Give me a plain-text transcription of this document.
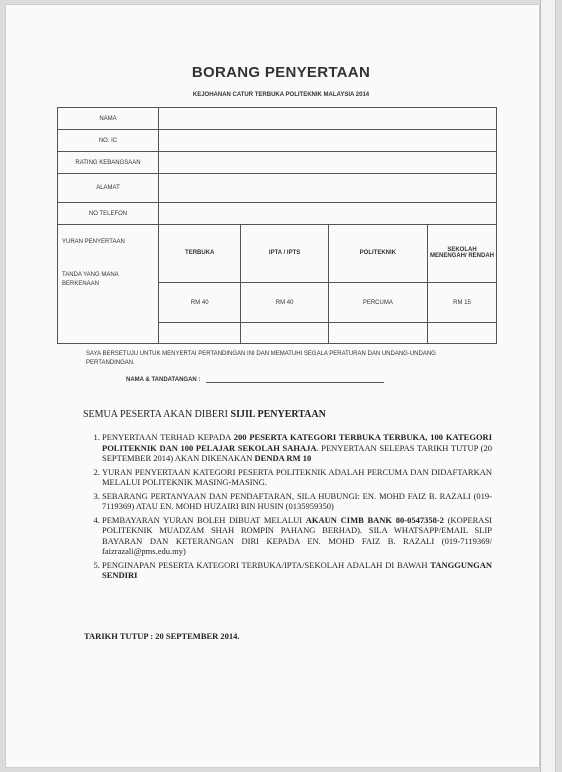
BORANG PENYERTAAN
KEJOHANAN CATUR TERBUKA POLITEKNIK MALAYSIA 2014
NAMA	
NO. IC	
RATING KEBANGSAAN	
ALAMAT	
NO TELEFON	
YURAN PENYERTAAN
TANDA YANG MANA BERKENAAN	TERBUKA	IPTA / IPTS	POLITEKNIK	SEKOLAH MENENGAH/ RENDAH
	RM 40	RM 40	PERCUMA	RM 15

SAYA BERSETUJU UNTUK MENYERTAI PERTANDINGAN INI DAN MEMATUHI SEGALA PERATURAN DAN UNDANG-UNDANG PERTANDINGAN.
NAMA & TANDATANGAN :
SEMUA PESERTA AKAN DIBERI SIJIL PENYERTAAN
1. PENYERTAAN TERHAD KEPADA 200 PESERTA KATEGORI TERBUKA TERBUKA, 100 KATEGORI POLITEKNIK DAN 100 PELAJAR SEKOLAH SAHAJA. PENYERTAAN SELEPAS TARIKH TUTUP (20 SEPTEMBER 2014) AKAN DIKENAKAN DENDA RM 10
2. YURAN PENYERTAAN KATEGORI PESERTA POLITEKNIK ADALAH PERCUMA DAN DIDAFTARKAN MELALUI POLITEKNIK MASING-MASING.
3. SEBARANG PERTANYAAN DAN PENDAFTARAN, SILA HUBUNGI: EN. MOHD FAIZ B. RAZALI (019-7119369) ATAU EN. MOHD HUZAIRI BIN HUSIN (0135959350)
4. PEMBAYARAN YURAN BOLEH DIBUAT MELALUI AKAUN CIMB BANK 80-0547358-2 (KOPERASI POLITEKNIK MUADZAM SHAH ROMPIN PAHANG BERHAD). SILA WHATSAPP/EMAIL SLIP BAYARAN DAN KETERANGAN DIRI KEPADA EN. MOHD FAIZ B. RAZALI (019-7119369/ faizrazali@pms.edu.my)
5. PENGINAPAN PESERTA KATEGORI TERBUKA/IPTA/SEKOLAH ADALAH DI BAWAH TANGGUNGAN SENDIRI
TARIKH TUTUP : 20 SEPTEMBER 2014.
